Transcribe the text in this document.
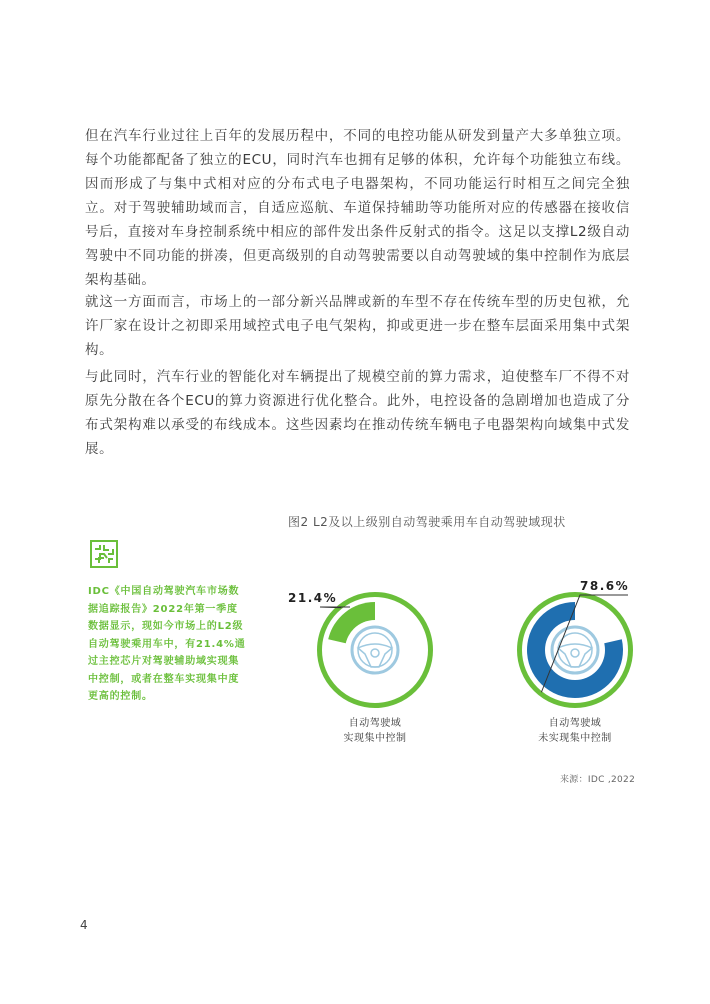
但在汽车行业过往上百年的发展历程中，不同的电控功能从研发到量产大多单独立项。每个功能都配备了独立的ECU，同时汽车也拥有足够的体积，允许每个功能独立布线。因而形成了与集中式相对应的分布式电子电器架构，不同功能运行时相互之间完全独立。对于驾驶辅助域而言，自适应巡航、车道保持辅助等功能所对应的传感器在接收信号后，直接对车身控制系统中相应的部件发出条件反射式的指令。这足以支撑L2级自动驾驶中不同功能的拼凑，但更高级别的自动驾驶需要以自动驾驶域的集中控制作为底层架构基础。
就这一方面而言，市场上的一部分新兴品牌或新的车型不存在传统车型的历史包袱，允许厂家在设计之初即采用域控式电子电气架构，抑或更进一步在整车层面采用集中式架构。
与此同时，汽车行业的智能化对车辆提出了规模空前的算力需求，迫使整车厂不得不对原先分散在各个ECU的算力资源进行优化整合。此外，电控设备的急剧增加也造成了分布式架构难以承受的布线成本。这些因素均在推动传统车辆电子电器架构向域集中式发展。
图2 L2及以上级别自动驾驶乘用车自动驾驶域现状
IDC《中国自动驾驶汽车市场数据追踪报告》2022年第一季度数据显示，现如今市场上的L2级自动驾驶乘用车中，有21.4%通过主控芯片对驾驶辅助域实现集中控制，或者在整车实现集中度更高的控制。
21.4%
自动驾驶域
实现集中控制
78.6%
自动驾驶域
未实现集中控制
来源：IDC ,2022
4
